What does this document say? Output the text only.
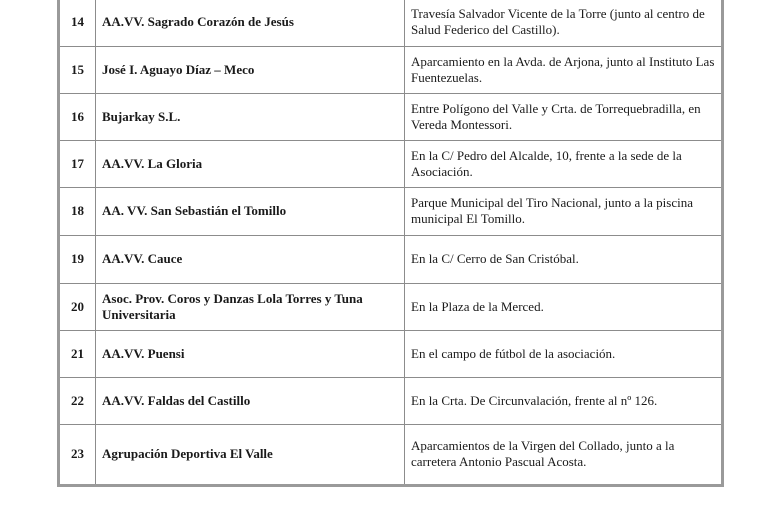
14	AA.VV. Sagrado Corazón de Jesús	Travesía Salvador Vicente de la Torre (junto al centro de Salud Federico del Castillo).
15	José I. Aguayo Díaz – Meco	Aparcamiento en la Avda. de Arjona, junto al Instituto Las Fuentezuelas.
16	Bujarkay S.L.	Entre Polígono del Valle y Crta. de Torrequebradilla, en Vereda Montessori.
17	AA.VV. La Gloria	En la C/ Pedro del Alcalde, 10, frente a la sede de la Asociación.
18	AA. VV. San Sebastián el Tomillo	Parque Municipal del Tiro Nacional, junto a la piscina municipal El Tomillo.
19	AA.VV. Cauce	En la C/ Cerro de San Cristóbal.
20	Asoc. Prov. Coros y Danzas Lola Torres y Tuna Universitaria	En la Plaza de la Merced.
21	AA.VV. Puensi	En el campo de fútbol de la asociación.
22	AA.VV. Faldas del Castillo	En la Crta. De Circunvalación, frente al nº 126.
23	Agrupación Deportiva El Valle	Aparcamientos de la Virgen del Collado, junto a la carretera Antonio Pascual Acosta.
